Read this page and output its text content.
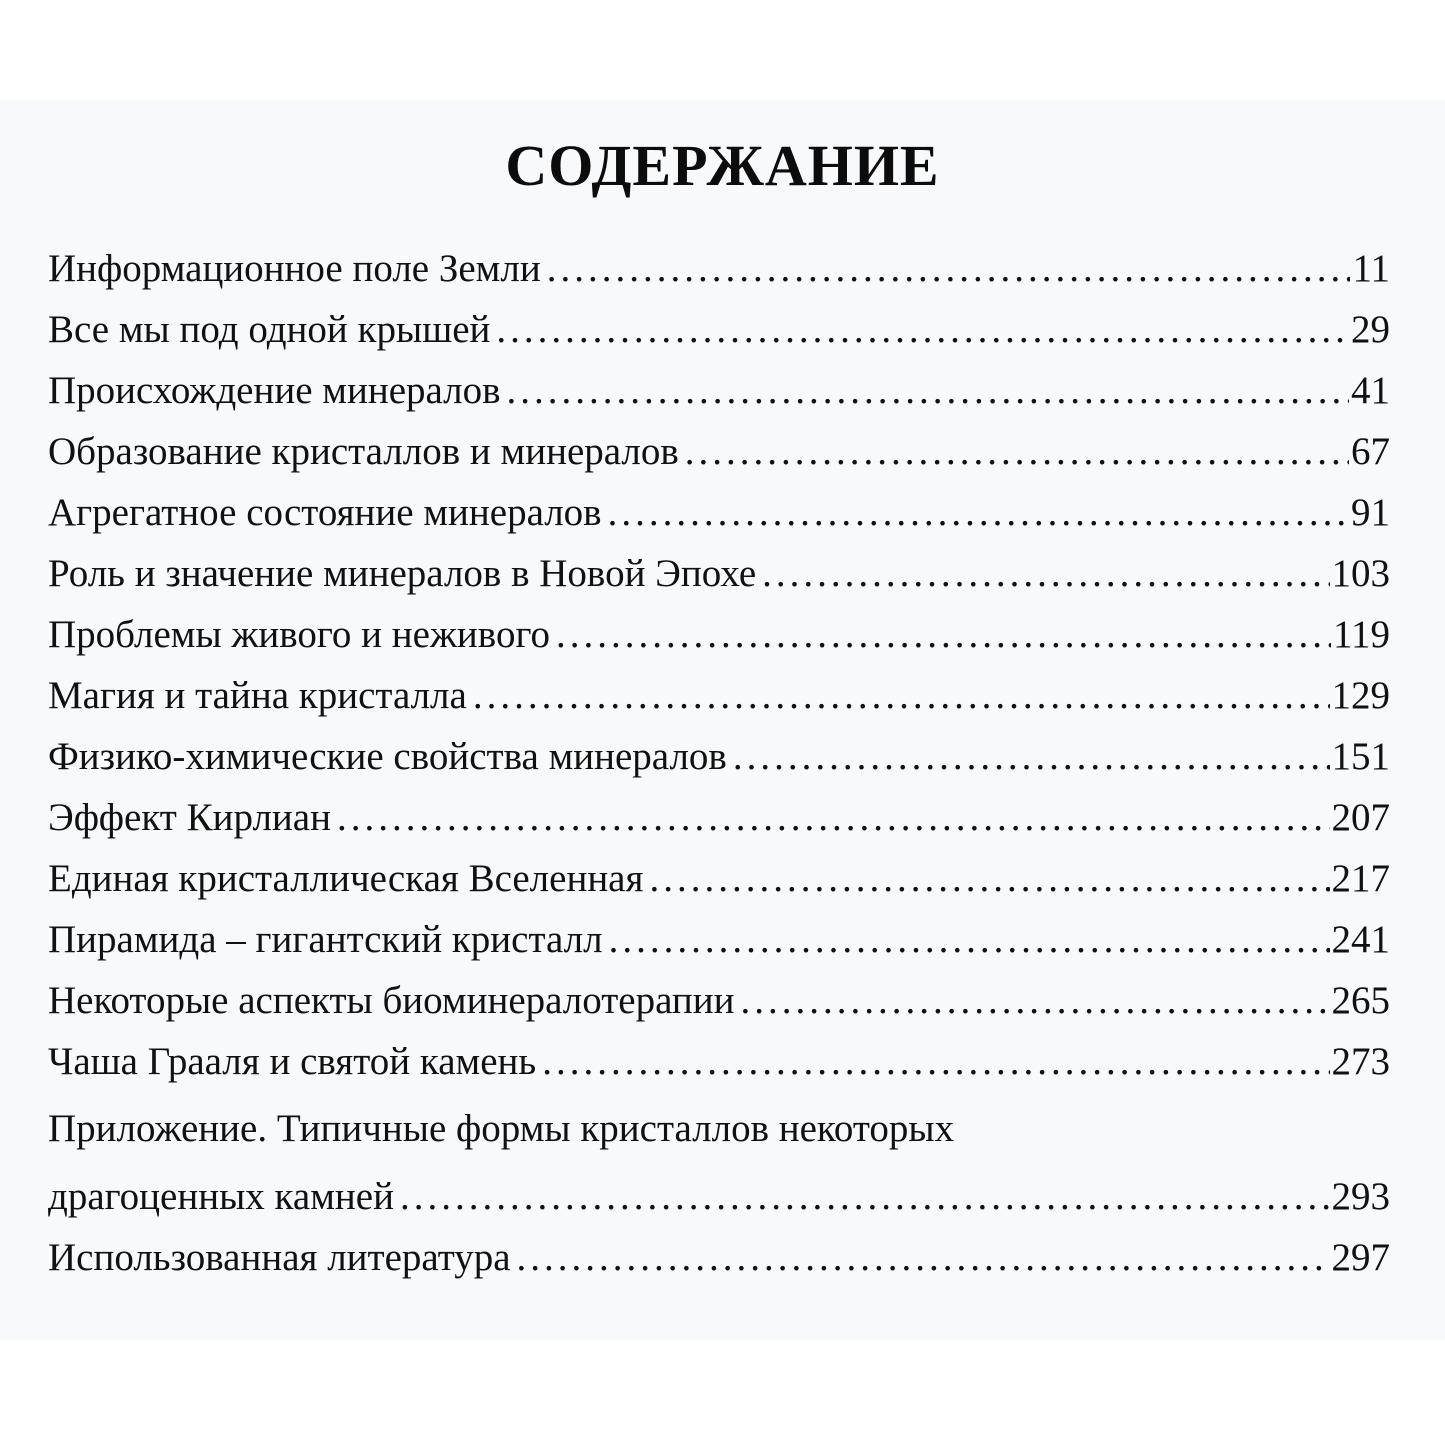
СОДЕРЖАНИЕ
Информационное поле Земли .....	11
Все мы под одной крышей .....	29
Происхождение минералов .....	41
Образование кристаллов и минералов .....	67
Агрегатное состояние минералов .....	91
Роль и значение минералов в Новой Эпохе .....	103
Проблемы живого и неживого .....	119
Магия и тайна кристалла .....	129
Физико-химические свойства минералов .....	151
Эффект Кирлиан .....	207
Единая кристаллическая Вселенная .....	217
Пирамида – гигантский кристалл .....	241
Некоторые аспекты биоминералотерапии .....	265
Чаша Грааля и святой камень .....	273
Приложение. Типичные формы кристаллов некоторых
драгоценных камней .....	293
Использованная литература .....	297
